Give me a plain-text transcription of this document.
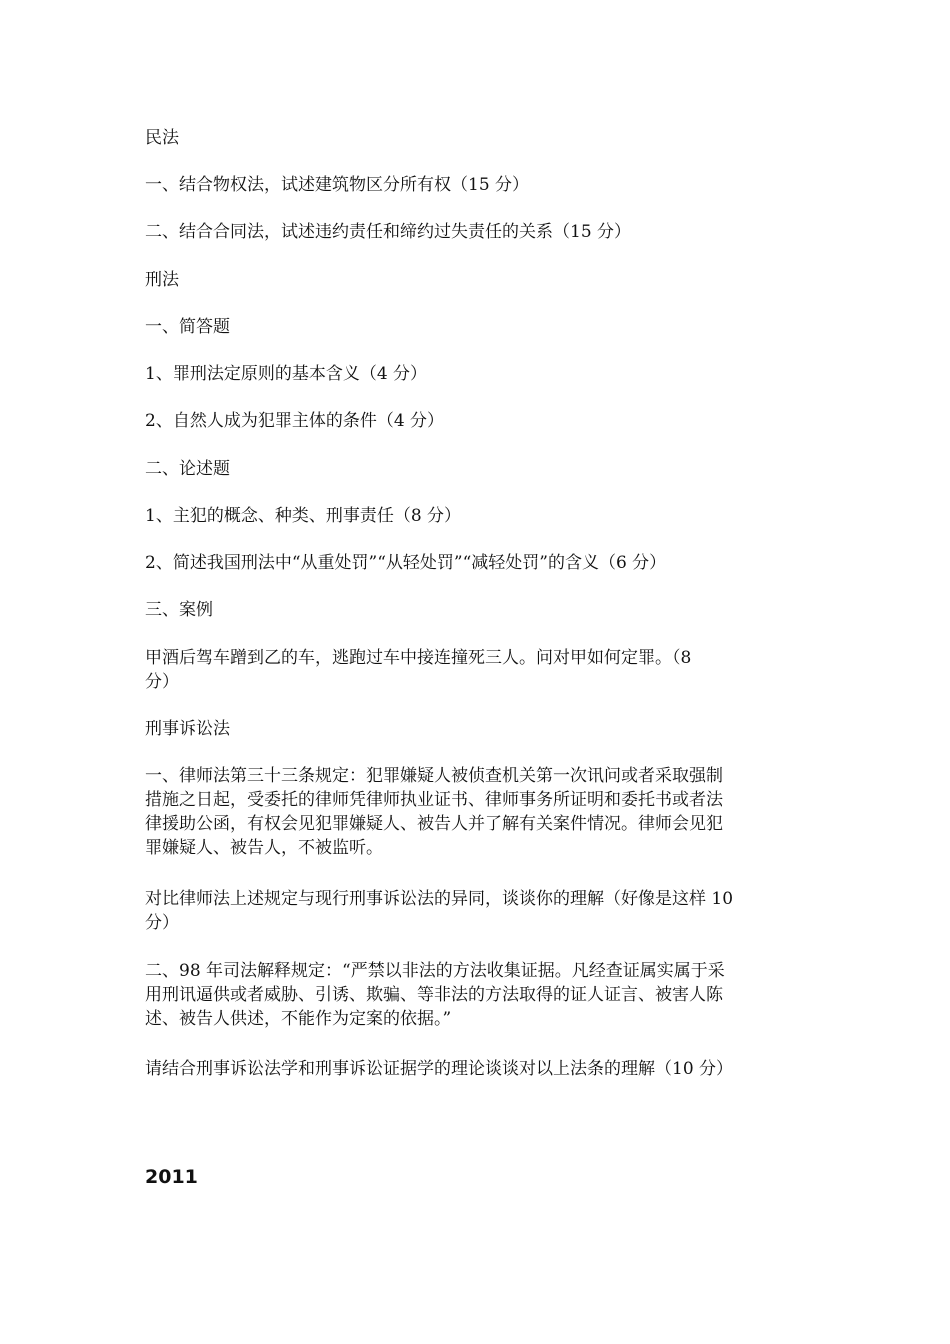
民法

一、结合物权法，试述建筑物区分所有权（15 分）

二、结合合同法，试述违约责任和缔约过失责任的关系（15 分）

刑法

一、简答题

1、罪刑法定原则的基本含义（4 分）

2、自然人成为犯罪主体的条件（4 分）

二、论述题

1、主犯的概念、种类、刑事责任（8 分）

2、简述我国刑法中“从重处罚”“从轻处罚”“减轻处罚”的含义（6 分）

三、案例

甲酒后驾车蹭到乙的车，逃跑过车中接连撞死三人。问对甲如何定罪。（8
分）

刑事诉讼法

一、律师法第三十三条规定：犯罪嫌疑人被侦查机关第一次讯问或者采取强制
措施之日起，受委托的律师凭律师执业证书、律师事务所证明和委托书或者法
律援助公函，有权会见犯罪嫌疑人、被告人并了解有关案件情况。律师会见犯
罪嫌疑人、被告人，不被监听。

对比律师法上述规定与现行刑事诉讼法的异同，谈谈你的理解（好像是这样 10
分）

二、98 年司法解释规定：“严禁以非法的方法收集证据。凡经查证属实属于采
用刑讯逼供或者威胁、引诱、欺骗、等非法的方法取得的证人证言、被害人陈
述、被告人供述，不能作为定案的依据。”

请结合刑事诉讼法学和刑事诉讼证据学的理论谈谈对以上法条的理解（10 分）

2011
